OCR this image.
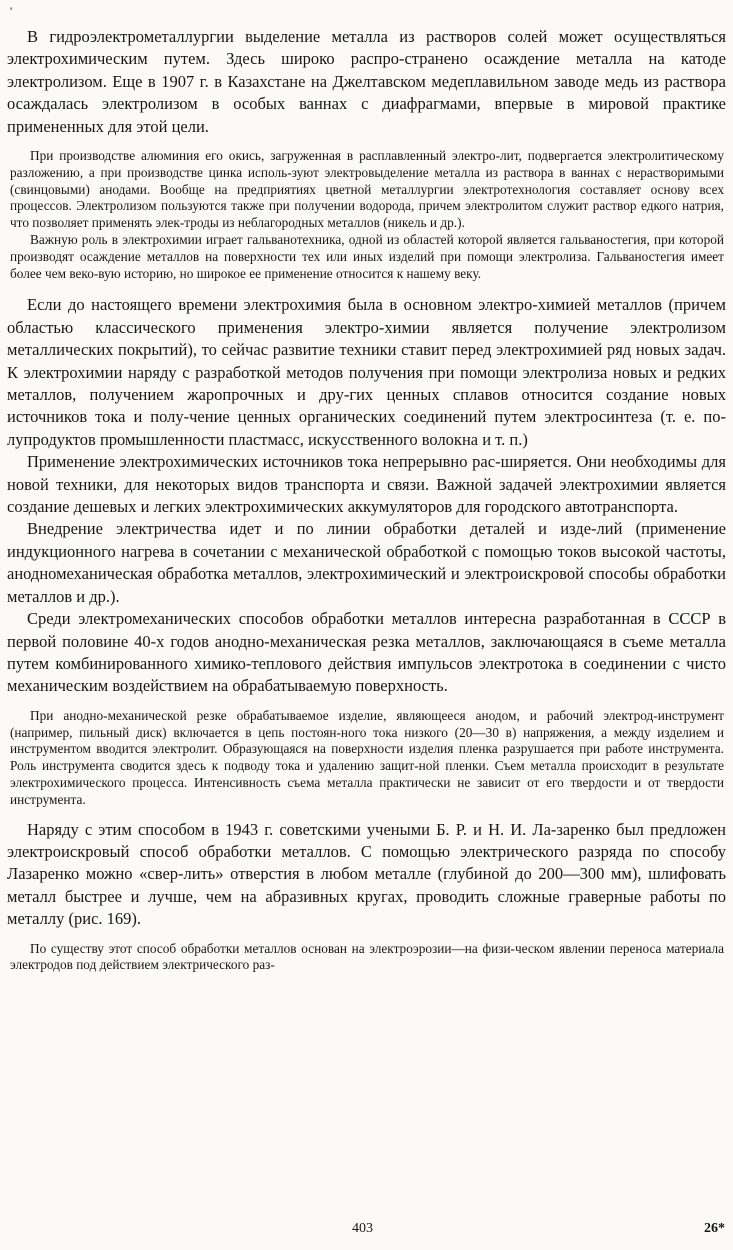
'

В гидроэлектрометаллургии выделение металла из растворов солей может осуществляться электрохимическим путем. Здесь широко распро-странено осаждение металла на катоде электролизом. Еще в 1907 г. в Казахстане на Джелтавском медеплавильном заводе медь из раствора осаждалась электролизом в особых ваннах с диафрагмами, впервые в мировой практике примененных для этой цели.

При производстве алюминия его окись, загруженная в расплавленный электро-лит, подвергается электролитическому разложению, а при производстве цинка исполь-зуют электровыделение металла из раствора в ваннах с нерастворимыми (свинцовыми) анодами. Вообще на предприятиях цветной металлургии электротехнология составляет основу всех процессов. Электролизом пользуются также при получении водорода, причем электролитом служит раствор едкого натрия, что позволяет применять элек-троды из неблагородных металлов (никель и др.).

Важную роль в электрохимии играет гальванотехника, одной из областей которой является гальваностегия, при которой производят осаждение металлов на поверхности тех или иных изделий при помощи электролиза. Гальваностегия имеет более чем веко-вую историю, но широкое ее применение относится к нашему веку.

Если до настоящего времени электрохимия была в основном электро-химией металлов (причем областью классического применения электро-химии является получение электролизом металлических покрытий), то сейчас развитие техники ставит перед электрохимией ряд новых задач. К электрохимии наряду с разработкой методов получения при помощи электролиза новых и редких металлов, получением жаропрочных и дру-гих ценных сплавов относится создание новых источников тока и полу-чение ценных органических соединений путем электросинтеза (т. е. по-лупродуктов промышленности пластмасс, искусственного волокна и т. п.)

Применение электрохимических источников тока непрерывно рас-ширяется. Они необходимы для новой техники, для некоторых видов транспорта и связи. Важной задачей электрохимии является создание дешевых и легких электрохимических аккумуляторов для городского автотранспорта.

Внедрение электричества идет и по линии обработки деталей и изде-лий (применение индукционного нагрева в сочетании с механической обработкой с помощью токов высокой частоты, анодномеханическая обработка металлов, электрохимический и электроискровой способы обработки металлов и др.).

Среди электромеханических способов обработки металлов интересна разработанная в СССР в первой половине 40-х годов анодно-механическая резка металлов, заключающаяся в съеме металла путем комбинированного химико-теплового действия импульсов электротока в соединении с чисто механическим воздействием на обрабатываемую поверхность.

При анодно-механической резке обрабатываемое изделие, являющееся анодом, и рабочий электрод-инструмент (например, пильный диск) включается в цепь постоян-ного тока низкого (20—30 в) напряжения, а между изделием и инструментом вводится электролит. Образующаяся на поверхности изделия пленка разрушается при работе инструмента. Роль инструмента сводится здесь к подводу тока и удалению защит-ной пленки. Съем металла происходит в результате электрохимического процесса. Интенсивность съема металла практически не зависит от его твердости и от твердости инструмента.

Наряду с этим способом в 1943 г. советскими учеными Б. Р. и Н. И. Ла-заренко был предложен электроискровый способ обработки металлов. С помощью электрического разряда по способу Лазаренко можно «свер-лить» отверстия в любом металле (глубиной до 200—300 мм), шлифовать металл быстрее и лучше, чем на абразивных кругах, проводить сложные граверные работы по металлу (рис. 169).

По существу этот способ обработки металлов основан на электроэрозии—на физи-ческом явлении переноса материала электродов под действием электрического раз-

403	26*
